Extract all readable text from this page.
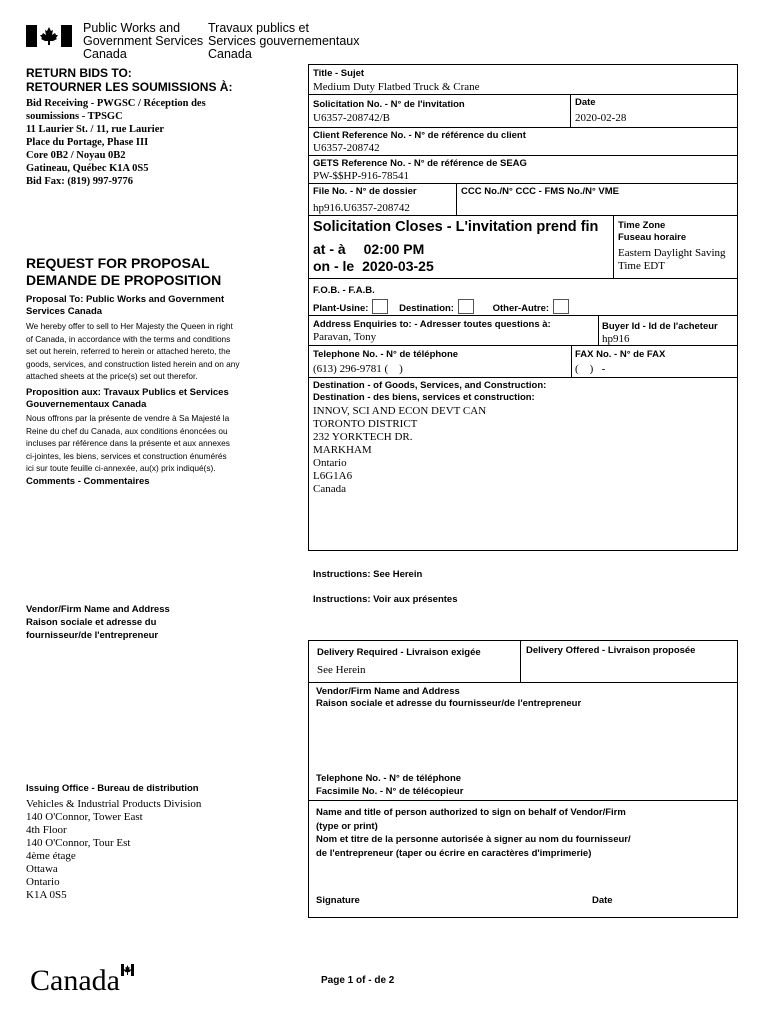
Public Works and
Government Services
Canada
Travaux publics et
Services gouvernementaux
Canada
RETURN BIDS TO:
RETOURNER LES SOUMISSIONS À:
Bid Receiving - PWGSC / Réception des
soumissions - TPSGC
11 Laurier St. / 11, rue Laurier
Place du Portage, Phase III
Core 0B2 / Noyau 0B2
Gatineau, Québec K1A 0S5
Bid Fax: (819) 997-9776
REQUEST FOR PROPOSAL
DEMANDE DE PROPOSITION
Proposal To: Public Works and Government
Services Canada
We hereby offer to sell to Her Majesty the Queen in right
of Canada, in accordance with the terms and conditions
set out herein, referred to herein or attached hereto, the
goods, services, and construction listed herein and on any
attached sheets at the price(s) set out therefor.
Proposition aux: Travaux Publics et Services
Gouvernementaux Canada
Nous offrons par la présente de vendre à Sa Majesté la
Reine du chef du Canada, aux conditions énoncées ou
incluses par référence dans la présente et aux annexes
ci-jointes, les biens, services et construction énumérés
ici sur toute feuille ci-annexée, au(x) prix indiqué(s).
Comments - Commentaires
Vendor/Firm Name and Address
Raison sociale et adresse du
fournisseur/de l'entrepreneur
Issuing Office - Bureau de distribution
Vehicles & Industrial Products Division
140 O'Connor, Tower East
4th Floor
140 O'Connor, Tour Est
4ème étage
Ottawa
Ontario
K1A 0S5
Title - Sujet
Medium Duty Flatbed Truck & Crane
Solicitation No. - N° de l'invitation
U6357-208742/B
Date
2020-02-28
Client Reference No. - N° de référence du client
U6357-208742
GETS Reference No. - N° de référence de SEAG
PW-$$HP-916-78541
File No. - N° de dossier
hp916.U6357-208742
CCC No./N° CCC - FMS No./N° VME
Solicitation Closes - L'invitation prend fin
at - à 02:00 PM
on - le 2020-03-25
Time Zone
Fuseau horaire
Eastern Daylight Saving
Time EDT
F.O.B. - F.A.B.
Plant-Usine:	Destination:	Other-Autre:
Address Enquiries to: - Adresser toutes questions à:
Paravan, Tony
Buyer Id - Id de l'acheteur
hp916
Telephone No. - N° de téléphone
(613) 296-9781 (    )
FAX No. - N° de FAX
(    )   -
Destination - of Goods, Services, and Construction:
Destination - des biens, services et construction:
INNOV, SCI AND ECON DEVT CAN
TORONTO DISTRICT
232 YORKTECH DR.
MARKHAM
Ontario
L6G1A6
Canada
Instructions: See Herein
Instructions: Voir aux présentes
Delivery Required - Livraison exigée
See Herein
Delivery Offered - Livraison proposée
Vendor/Firm Name and Address
Raison sociale et adresse du fournisseur/de l'entrepreneur
Telephone No. - N° de téléphone
Facsimile No. - N° de télécopieur
Name and title of person authorized to sign on behalf of Vendor/Firm
(type or print)
Nom et titre de la personne autorisée à signer au nom du fournisseur/
de l'entrepreneur (taper ou écrire en caractères d'imprimerie)
Signature	Date
Canada	Page 1 of - de 2
